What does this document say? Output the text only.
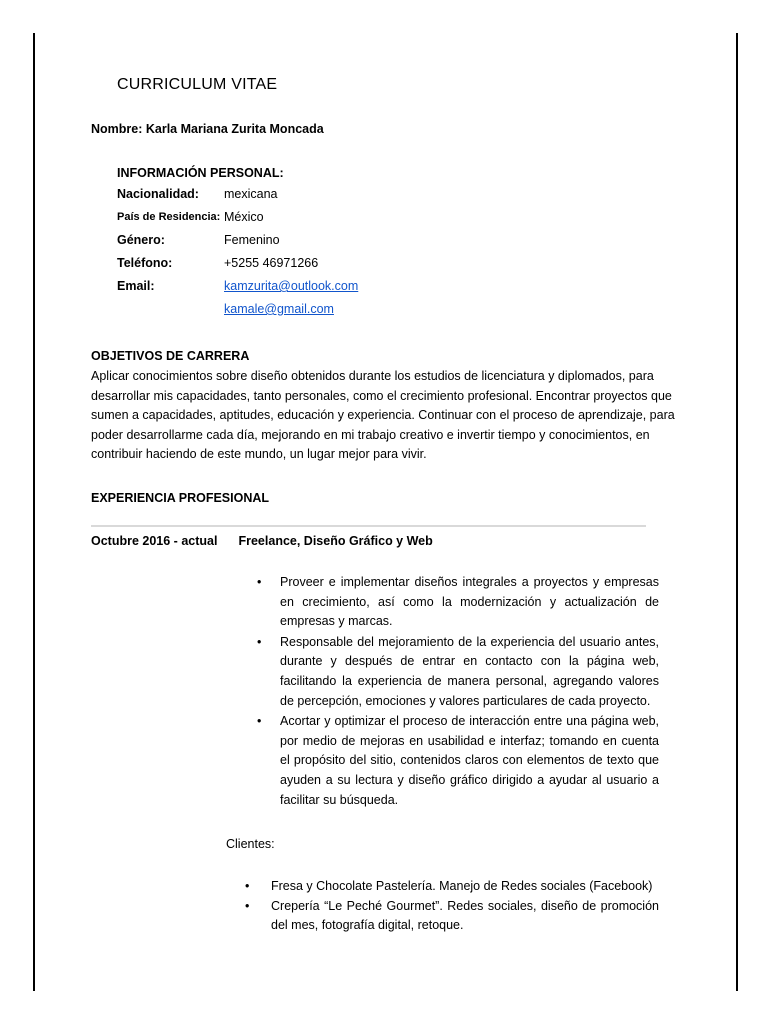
CURRICULUM VITAE
Nombre: Karla Mariana Zurita Moncada
INFORMACIÓN PERSONAL:
Nacionalidad:	mexicana
País de Residencia: México
Género:	Femenino
Teléfono:	+5255 46971266
Email:	kamzurita@outlook.com
kamale@gmail.com
OBJETIVOS DE CARRERA
Aplicar conocimientos sobre diseño obtenidos durante los estudios de licenciatura y diplomados, para desarrollar mis capacidades, tanto personales, como el crecimiento profesional. Encontrar proyectos que sumen a capacidades, aptitudes, educación y experiencia. Continuar con el proceso de aprendizaje, para poder desarrollarme cada día, mejorando en mi trabajo creativo e invertir tiempo y conocimientos, en contribuir haciendo de este mundo, un lugar mejor para vivir.
EXPERIENCIA PROFESIONAL
Octubre 2016 - actual Freelance, Diseño Gráfico y Web
• Proveer e implementar diseños integrales a proyectos y empresas en crecimiento, así como la modernización y actualización de empresas y marcas.
• Responsable del mejoramiento de la experiencia del usuario antes, durante y después de entrar en contacto con la página web, facilitando la experiencia de manera personal, agregando valores de percepción, emociones y valores particulares de cada proyecto.
• Acortar y optimizar el proceso de interacción entre una página web, por medio de mejoras en usabilidad e interfaz; tomando en cuenta el propósito del sitio, contenidos claros con elementos de texto que ayuden a su lectura y diseño gráfico dirigido a ayudar al usuario a facilitar su búsqueda.
Clientes:
• Fresa y Chocolate Pastelería. Manejo de Redes sociales (Facebook)
• Crepería “Le Peché Gourmet”. Redes sociales, diseño de promoción del mes, fotografía digital, retoque.
